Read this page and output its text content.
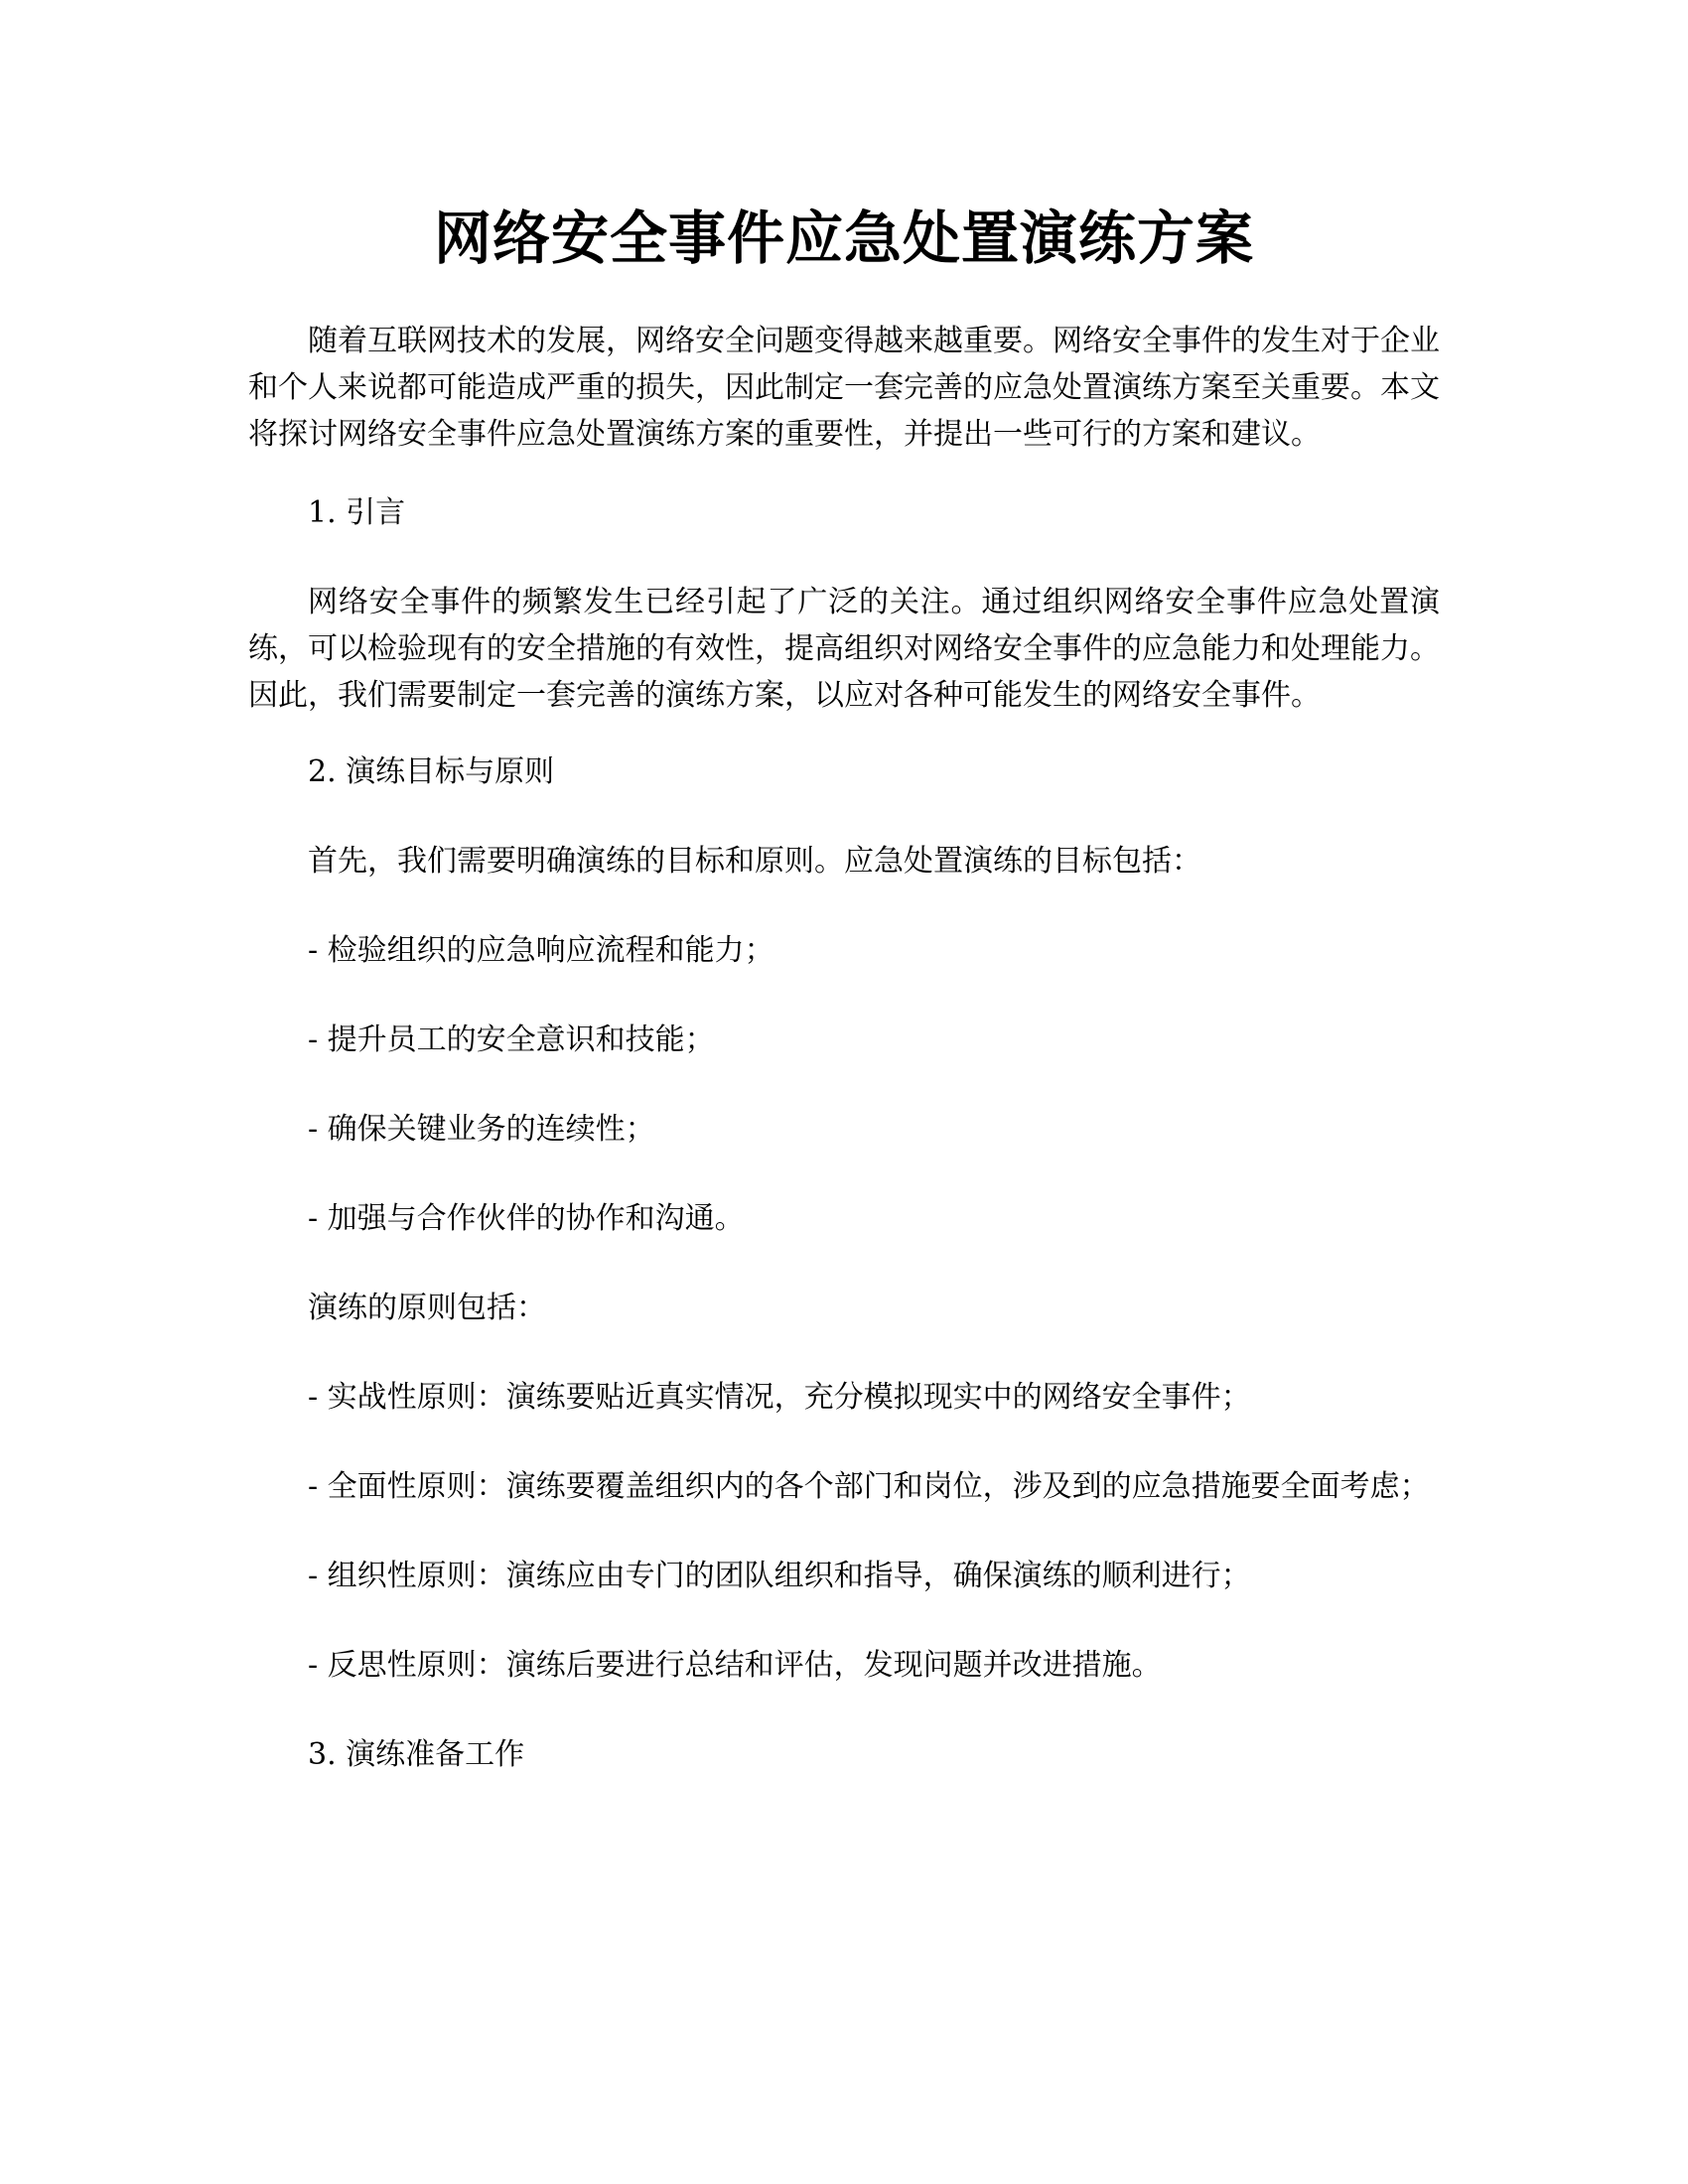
网络安全事件应急处置演练方案

随着互联网技术的发展，网络安全问题变得越来越重要。网络安全事件的发生对于企业和个人来说都可能造成严重的损失，因此制定一套完善的应急处置演练方案至关重要。本文将探讨网络安全事件应急处置演练方案的重要性，并提出一些可行的方案和建议。

1. 引言

网络安全事件的频繁发生已经引起了广泛的关注。通过组织网络安全事件应急处置演练，可以检验现有的安全措施的有效性，提高组织对网络安全事件的应急能力和处理能力。因此，我们需要制定一套完善的演练方案，以应对各种可能发生的网络安全事件。

2. 演练目标与原则

首先，我们需要明确演练的目标和原则。应急处置演练的目标包括：

- 检验组织的应急响应流程和能力；

- 提升员工的安全意识和技能；

- 确保关键业务的连续性；

- 加强与合作伙伴的协作和沟通。

演练的原则包括：

- 实战性原则：演练要贴近真实情况，充分模拟现实中的网络安全事件；

- 全面性原则：演练要覆盖组织内的各个部门和岗位，涉及到的应急措施要全面考虑；

- 组织性原则：演练应由专门的团队组织和指导，确保演练的顺利进行；

- 反思性原则：演练后要进行总结和评估，发现问题并改进措施。

3. 演练准备工作
